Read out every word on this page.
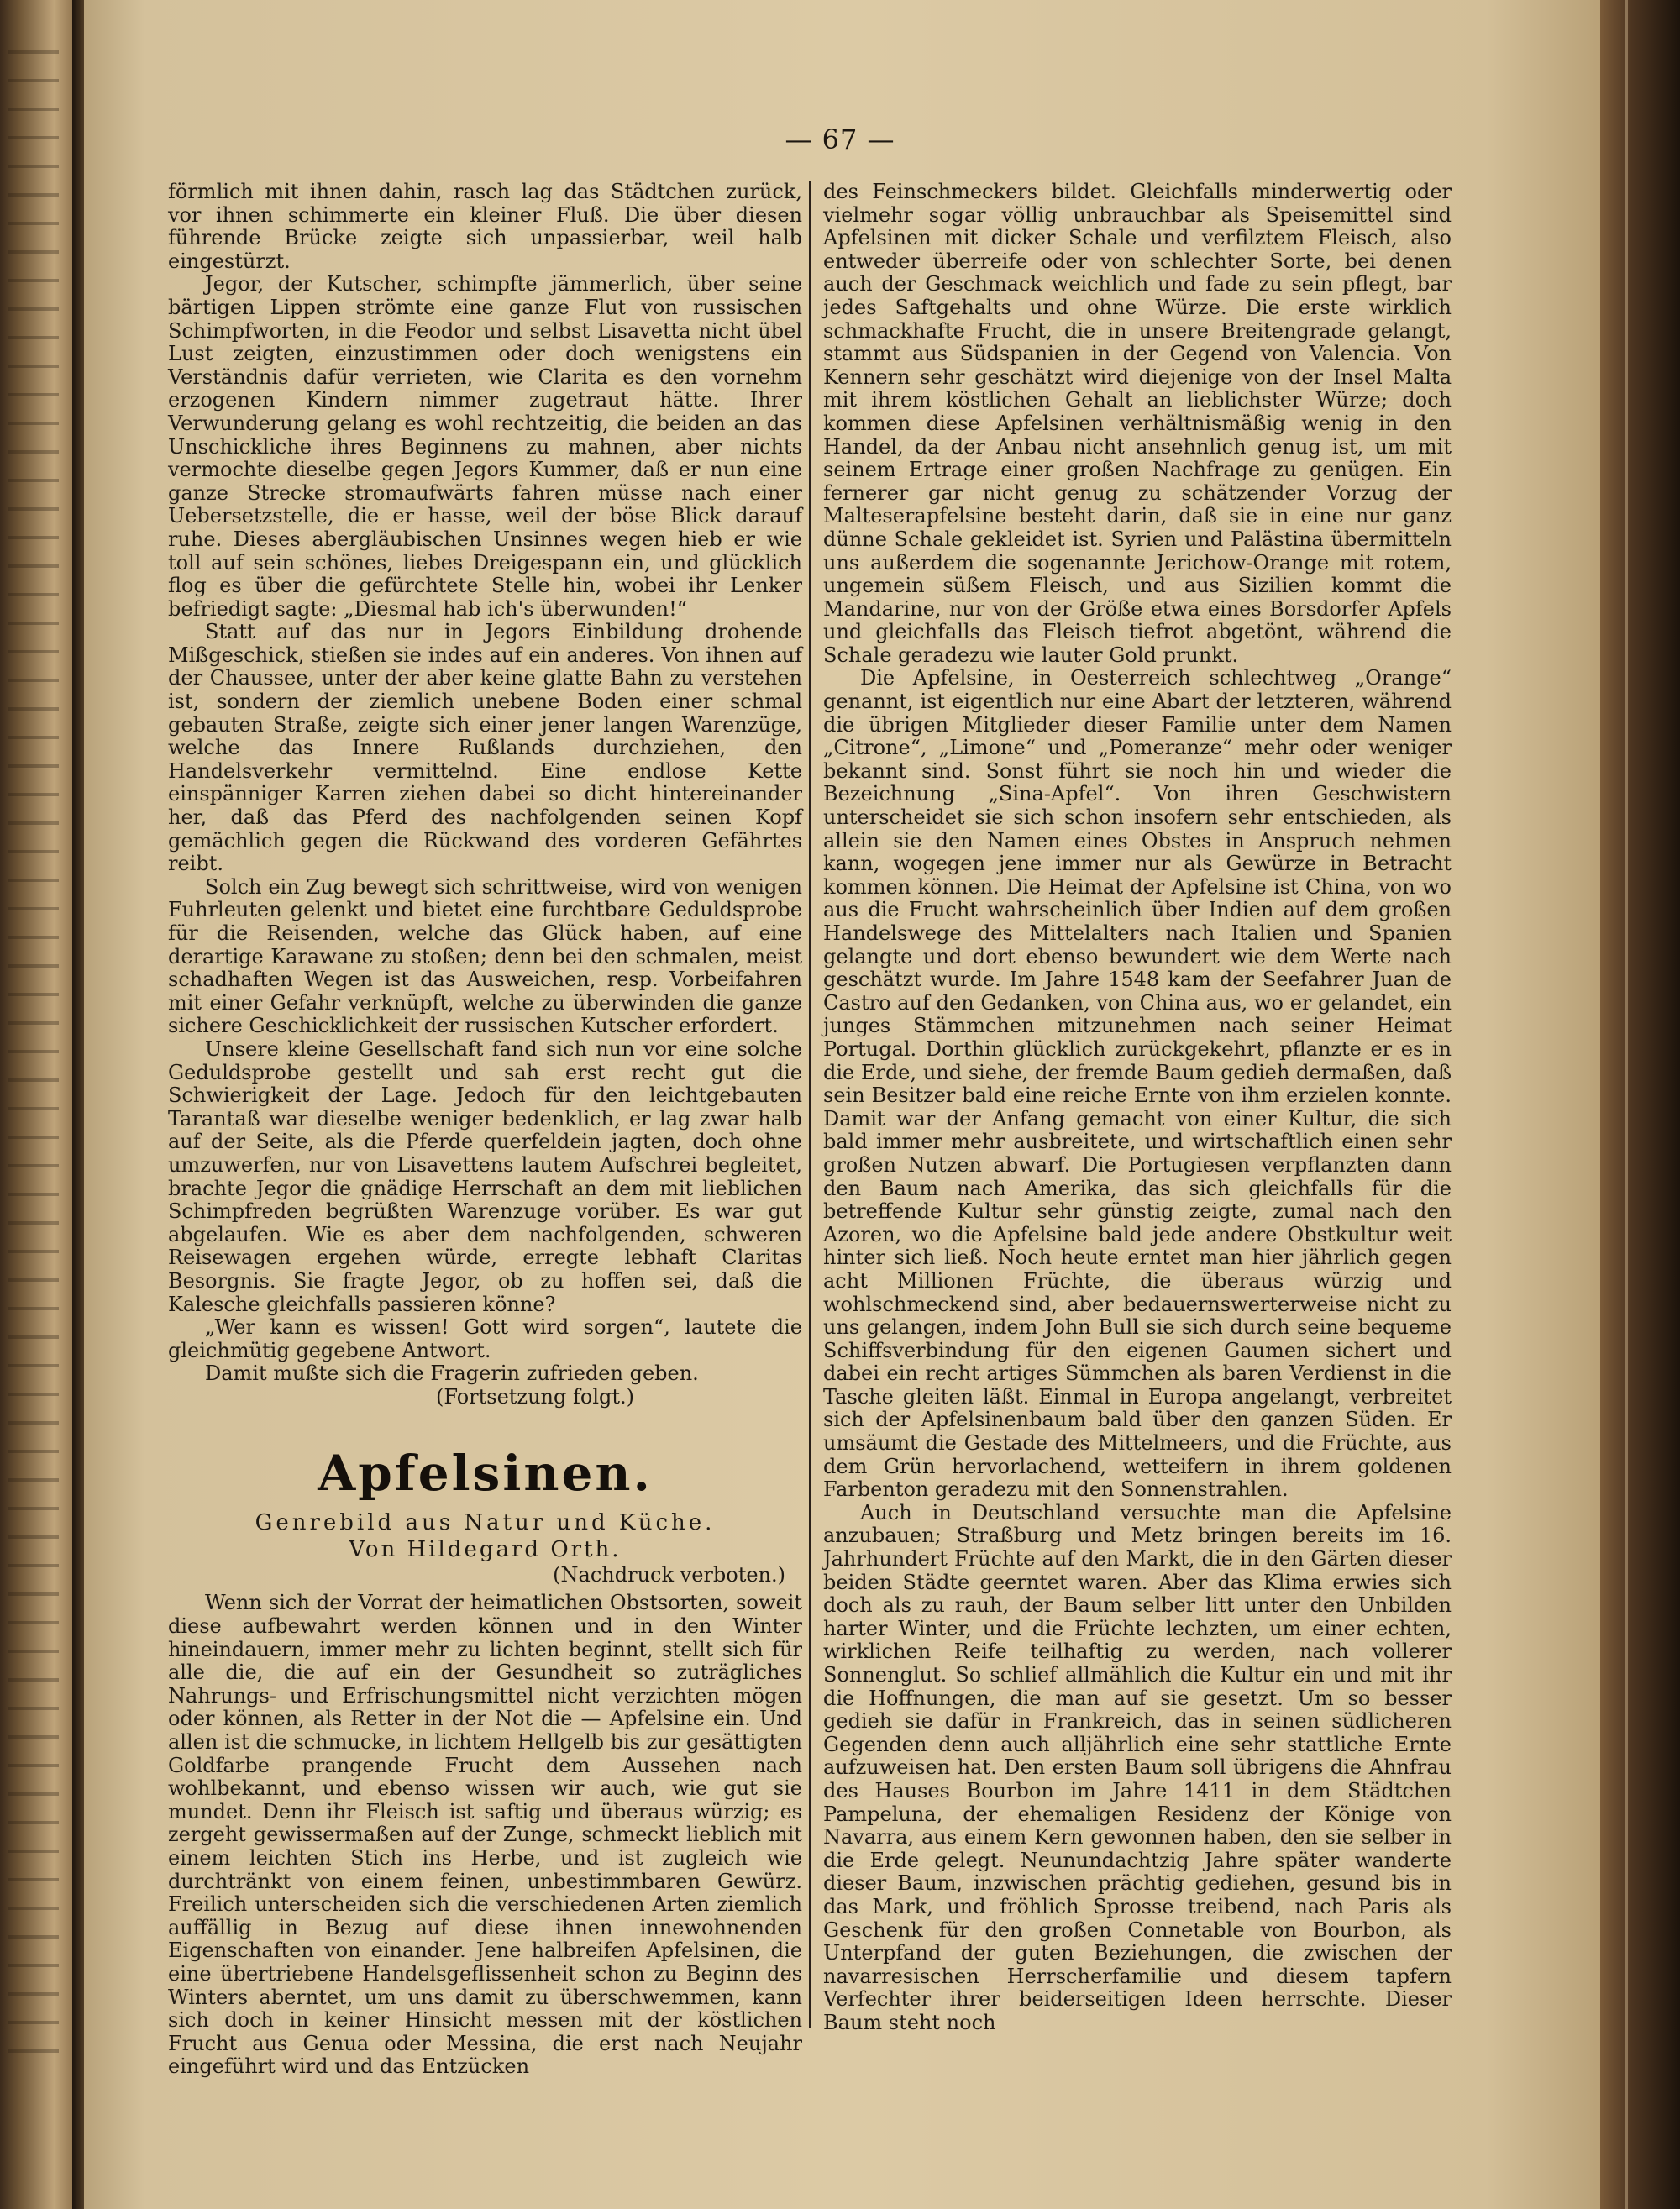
— 67 —

förmlich mit ihnen dahin, rasch lag das Städtchen zurück, vor ihnen schimmerte ein kleiner Fluß. Die über diesen führende Brücke zeigte sich unpassierbar, weil halb eingestürzt.

Jegor, der Kutscher, schimpfte jämmerlich, über seine bärtigen Lippen strömte eine ganze Flut von russischen Schimpfworten, in die Feodor und selbst Lisavetta nicht übel Lust zeigten, einzustimmen oder doch wenigstens ein Verständnis dafür verrieten, wie Clarita es den vornehm erzogenen Kindern nimmer zugetraut hätte. Ihrer Verwunderung gelang es wohl rechtzeitig, die beiden an das Unschickliche ihres Beginnens zu mahnen, aber nichts vermochte dieselbe gegen Jegors Kummer, daß er nun eine ganze Strecke stromaufwärts fahren müsse nach einer Uebersetzstelle, die er hasse, weil der böse Blick darauf ruhe. Dieses abergläubischen Unsinnes wegen hieb er wie toll auf sein schönes, liebes Dreigespann ein, und glücklich flog es über die gefürchtete Stelle hin, wobei ihr Lenker befriedigt sagte: „Diesmal hab ich's überwunden!“

Statt auf das nur in Jegors Einbildung drohende Mißgeschick, stießen sie indes auf ein anderes. Von ihnen auf der Chaussee, unter der aber keine glatte Bahn zu verstehen ist, sondern der ziemlich unebene Boden einer schmal gebauten Straße, zeigte sich einer jener langen Warenzüge, welche das Innere Rußlands durchziehen, den Handelsverkehr vermittelnd. Eine endlose Kette einspänniger Karren ziehen dabei so dicht hintereinander her, daß das Pferd des nachfolgenden seinen Kopf gemächlich gegen die Rückwand des vorderen Gefährtes reibt.

Solch ein Zug bewegt sich schrittweise, wird von wenigen Fuhrleuten gelenkt und bietet eine furchtbare Geduldsprobe für die Reisenden, welche das Glück haben, auf eine derartige Karawane zu stoßen; denn bei den schmalen, meist schadhaften Wegen ist das Ausweichen, resp. Vorbeifahren mit einer Gefahr verknüpft, welche zu überwinden die ganze sichere Geschicklichkeit der russischen Kutscher erfordert.

Unsere kleine Gesellschaft fand sich nun vor eine solche Geduldsprobe gestellt und sah erst recht gut die Schwierigkeit der Lage. Jedoch für den leichtgebauten Tarantaß war dieselbe weniger bedenklich, er lag zwar halb auf der Seite, als die Pferde querfeldein jagten, doch ohne umzuwerfen, nur von Lisavettens lautem Aufschrei begleitet, brachte Jegor die gnädige Herrschaft an dem mit lieblichen Schimpfreden begrüßten Warenzuge vorüber. Es war gut abgelaufen. Wie es aber dem nachfolgenden, schweren Reisewagen ergehen würde, erregte lebhaft Claritas Besorgnis. Sie fragte Jegor, ob zu hoffen sei, daß die Kalesche gleichfalls passieren könne?

„Wer kann es wissen! Gott wird sorgen“, lautete die gleichmütig gegebene Antwort.

Damit mußte sich die Fragerin zufrieden geben.

(Fortsetzung folgt.)

Apfelsinen.
Genrebild aus Natur und Küche.
Von Hildegard Orth.
(Nachdruck verboten.)

Wenn sich der Vorrat der heimatlichen Obstsorten, soweit diese aufbewahrt werden können und in den Winter hineindauern, immer mehr zu lichten beginnt, stellt sich für alle die, die auf ein der Gesundheit so zuträgliches Nahrungs- und Erfrischungsmittel nicht verzichten mögen oder können, als Retter in der Not die — Apfelsine ein. Und allen ist die schmucke, in lichtem Hellgelb bis zur gesättigten Goldfarbe prangende Frucht dem Aussehen nach wohlbekannt, und ebenso wissen wir auch, wie gut sie mundet. Denn ihr Fleisch ist saftig und überaus würzig; es zergeht gewissermaßen auf der Zunge, schmeckt lieblich mit einem leichten Stich ins Herbe, und ist zugleich wie durchtränkt von einem feinen, unbestimmbaren Gewürz. Freilich unterscheiden sich die verschiedenen Arten ziemlich auffällig in Bezug auf diese ihnen innewohnenden Eigenschaften von einander. Jene halbreifen Apfelsinen, die eine übertriebene Handelsgeflissenheit schon zu Beginn des Winters aberntet, um uns damit zu überschwemmen, kann sich doch in keiner Hinsicht messen mit der köstlichen Frucht aus Genua oder Messina, die erst nach Neujahr eingeführt wird und das Entzücken

des Feinschmeckers bildet. Gleichfalls minderwertig oder vielmehr sogar völlig unbrauchbar als Speisemittel sind Apfelsinen mit dicker Schale und verfilztem Fleisch, also entweder überreife oder von schlechter Sorte, bei denen auch der Geschmack weichlich und fade zu sein pflegt, bar jedes Saftgehalts und ohne Würze. Die erste wirklich schmackhafte Frucht, die in unsere Breitengrade gelangt, stammt aus Südspanien in der Gegend von Valencia. Von Kennern sehr geschätzt wird diejenige von der Insel Malta mit ihrem köstlichen Gehalt an lieblichster Würze; doch kommen diese Apfelsinen verhältnismäßig wenig in den Handel, da der Anbau nicht ansehnlich genug ist, um mit seinem Ertrage einer großen Nachfrage zu genügen. Ein fernerer gar nicht genug zu schätzender Vorzug der Malteserapfelsine besteht darin, daß sie in eine nur ganz dünne Schale gekleidet ist. Syrien und Palästina übermitteln uns außerdem die sogenannte Jerichow-Orange mit rotem, ungemein süßem Fleisch, und aus Sizilien kommt die Mandarine, nur von der Größe etwa eines Borsdorfer Apfels und gleichfalls das Fleisch tiefrot abgetönt, während die Schale geradezu wie lauter Gold prunkt.

Die Apfelsine, in Oesterreich schlechtweg „Orange“ genannt, ist eigentlich nur eine Abart der letzteren, während die übrigen Mitglieder dieser Familie unter dem Namen „Citrone“, „Limone“ und „Pomeranze“ mehr oder weniger bekannt sind. Sonst führt sie noch hin und wieder die Bezeichnung „Sina-Apfel“. Von ihren Geschwistern unterscheidet sie sich schon insofern sehr entschieden, als allein sie den Namen eines Obstes in Anspruch nehmen kann, wogegen jene immer nur als Gewürze in Betracht kommen können. Die Heimat der Apfelsine ist China, von wo aus die Frucht wahrscheinlich über Indien auf dem großen Handelswege des Mittelalters nach Italien und Spanien gelangte und dort ebenso bewundert wie dem Werte nach geschätzt wurde. Im Jahre 1548 kam der Seefahrer Juan de Castro auf den Gedanken, von China aus, wo er gelandet, ein junges Stämmchen mitzunehmen nach seiner Heimat Portugal. Dorthin glücklich zurückgekehrt, pflanzte er es in die Erde, und siehe, der fremde Baum gedieh dermaßen, daß sein Besitzer bald eine reiche Ernte von ihm erzielen konnte. Damit war der Anfang gemacht von einer Kultur, die sich bald immer mehr ausbreitete, und wirtschaftlich einen sehr großen Nutzen abwarf. Die Portugiesen verpflanzten dann den Baum nach Amerika, das sich gleichfalls für die betreffende Kultur sehr günstig zeigte, zumal nach den Azoren, wo die Apfelsine bald jede andere Obstkultur weit hinter sich ließ. Noch heute erntet man hier jährlich gegen acht Millionen Früchte, die überaus würzig und wohlschmeckend sind, aber bedauernswerterweise nicht zu uns gelangen, indem John Bull sie sich durch seine bequeme Schiffsverbindung für den eigenen Gaumen sichert und dabei ein recht artiges Sümmchen als baren Verdienst in die Tasche gleiten läßt. Einmal in Europa angelangt, verbreitet sich der Apfelsinenbaum bald über den ganzen Süden. Er umsäumt die Gestade des Mittelmeers, und die Früchte, aus dem Grün hervorlachend, wetteifern in ihrem goldenen Farbenton geradezu mit den Sonnenstrahlen.

Auch in Deutschland versuchte man die Apfelsine anzubauen; Straßburg und Metz bringen bereits im 16. Jahrhundert Früchte auf den Markt, die in den Gärten dieser beiden Städte geerntet waren. Aber das Klima erwies sich doch als zu rauh, der Baum selber litt unter den Unbilden harter Winter, und die Früchte lechzten, um einer echten, wirklichen Reife teilhaftig zu werden, nach vollerer Sonnenglut. So schlief allmählich die Kultur ein und mit ihr die Hoffnungen, die man auf sie gesetzt. Um so besser gedieh sie dafür in Frankreich, das in seinen südlicheren Gegenden denn auch alljährlich eine sehr stattliche Ernte aufzuweisen hat. Den ersten Baum soll übrigens die Ahnfrau des Hauses Bourbon im Jahre 1411 in dem Städtchen Pampeluna, der ehemaligen Residenz der Könige von Navarra, aus einem Kern gewonnen haben, den sie selber in die Erde gelegt. Neunundachtzig Jahre später wanderte dieser Baum, inzwischen prächtig gediehen, gesund bis in das Mark, und fröhlich Sprosse treibend, nach Paris als Geschenk für den großen Connetable von Bourbon, als Unterpfand der guten Beziehungen, die zwischen der navarresischen Herrscherfamilie und diesem tapfern Verfechter ihrer beiderseitigen Ideen herrschte. Dieser Baum steht noch
